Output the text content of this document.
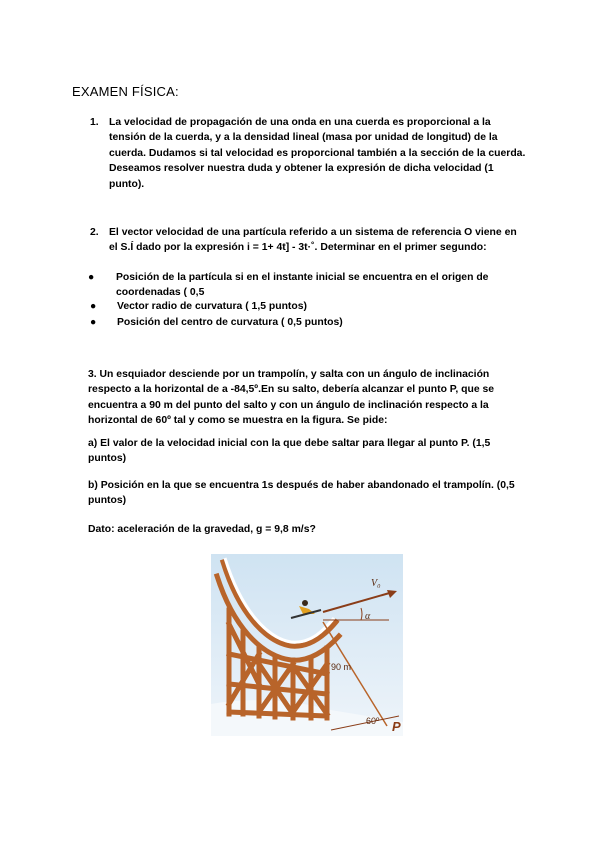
EXAMEN FÍSICA:
1. La velocidad de propagación de una onda en una cuerda es proporcional a la tensión de la cuerda, y a la densidad lineal (masa por unidad de longitud) de la cuerda. Dudamos si tal velocidad es proporcional también a la sección de la cuerda. Deseamos resolver nuestra duda y obtener la expresión de dicha velocidad (1 punto).
2. El vector velocidad de una partícula referido a un sistema de referencia O viene en el S.Í dado por la expresión i = 1+ 4t] - 3t·˚. Determinar en el primer segundo:
● Posición de la partícula si en el instante inicial se encuentra en el origen de coordenadas ( 0,5
● Vector radio de curvatura ( 1,5 puntos)
● Posición del centro de curvatura ( 0,5 puntos)
3. Un esquiador desciende por un trampolín, y salta con un ángulo de inclinación respecto a la horizontal de a -84,5º.En su salto, debería alcanzar el punto P, que se encuentra a 90 m del punto del salto y con un ángulo de inclinación respecto a la horizontal de 60º tal y como se muestra en la figura. Se pide:
a) El valor de la velocidad inicial con la que debe saltar para llegar al punto P. (1,5 puntos)
b) Posición en la que se encuentra 1s después de haber abandonado el trampolín. (0,5 puntos)
Dato: aceleración de la gravedad, g = 9,8 m/s?
V₀
α
90 m
60º P
